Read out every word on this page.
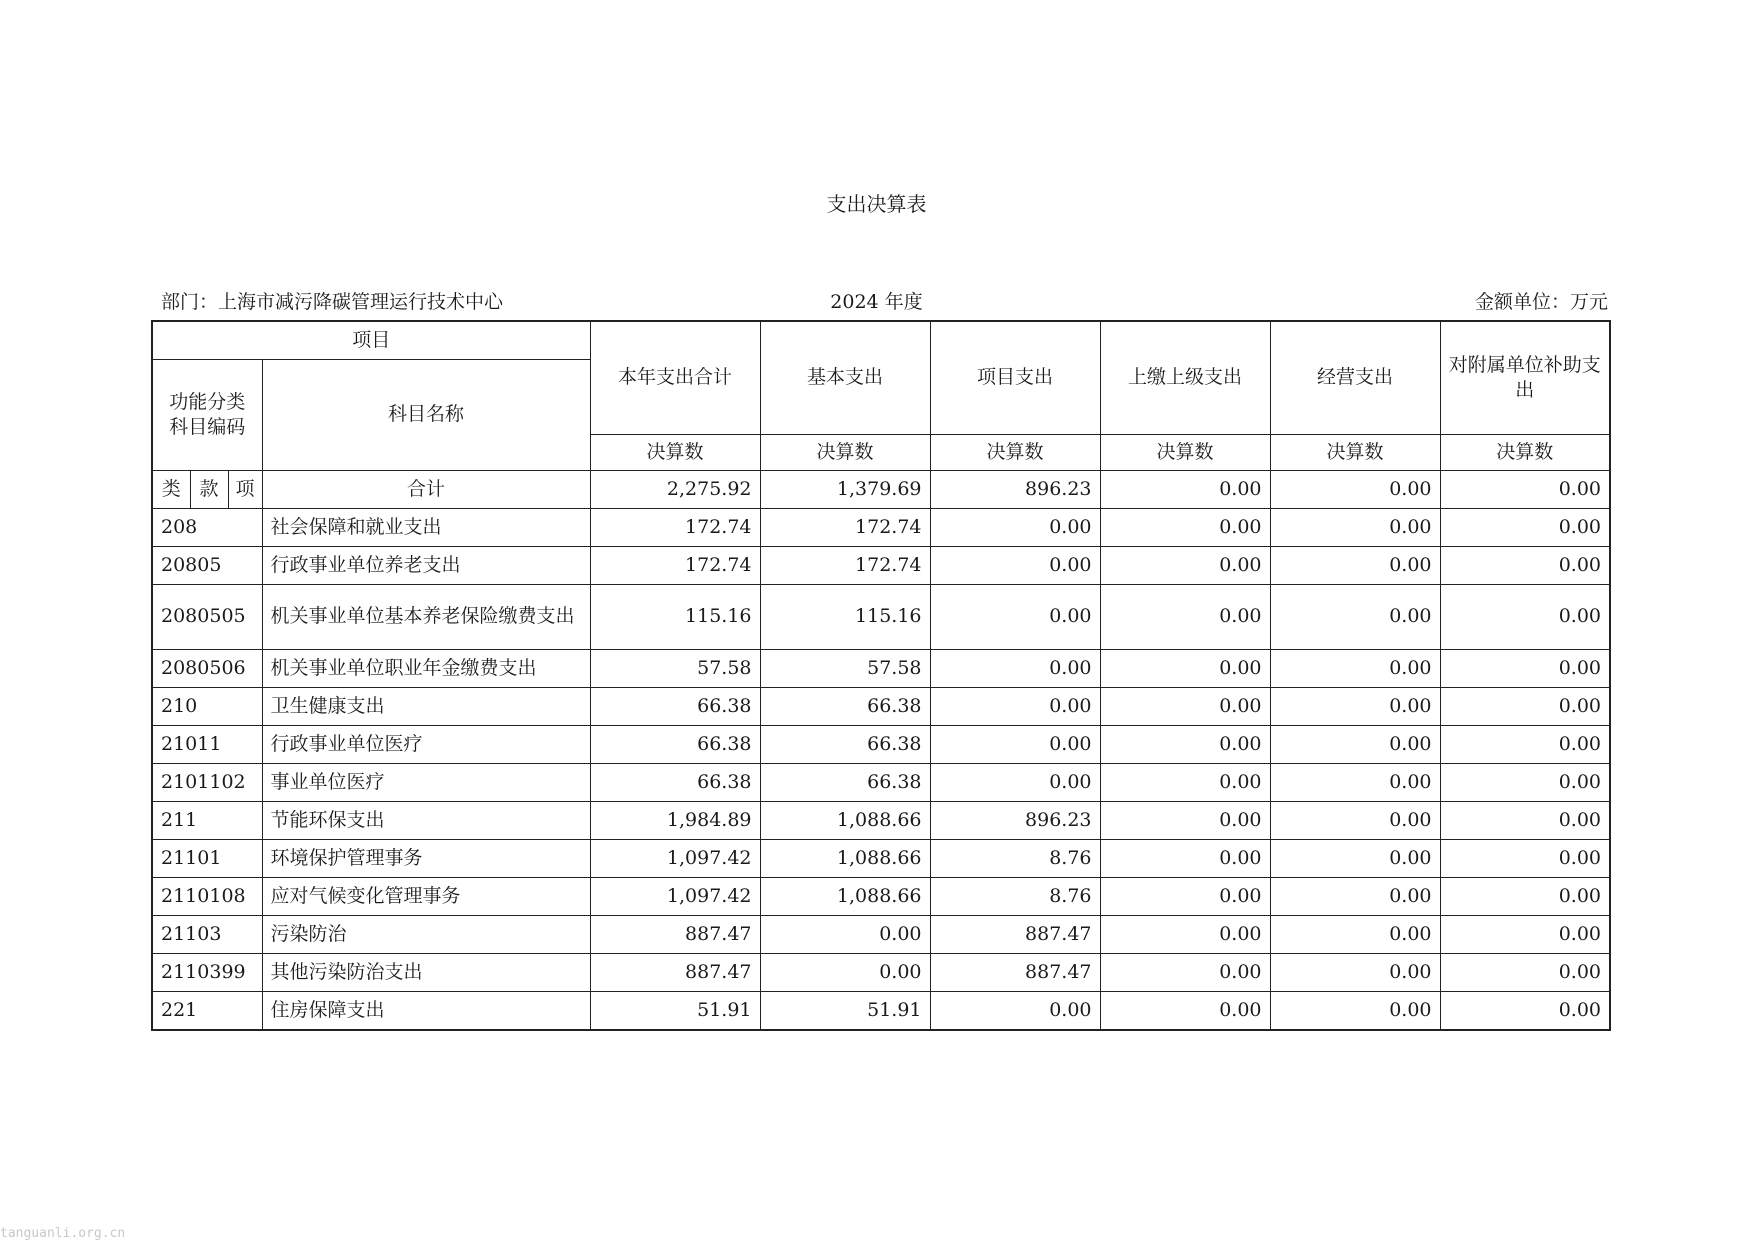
支出决算表
部门：上海市减污降碳管理运行技术中心	2024 年度	金额单位：万元
项目				本年支出合计	基本支出	项目支出	上缴上级支出	经营支出	对附属单位补助支出
功能分类科目编码			科目名称						
				决算数	决算数	决算数	决算数	决算数	决算数
类	款	项	合计	2,275.92	1,379.69	896.23	0.00	0.00	0.00
208			社会保障和就业支出	172.74	172.74	0.00	0.00	0.00	0.00
20805			行政事业单位养老支出	172.74	172.74	0.00	0.00	0.00	0.00
2080505			机关事业单位基本养老保险缴费支出	115.16	115.16	0.00	0.00	0.00	0.00
2080506			机关事业单位职业年金缴费支出	57.58	57.58	0.00	0.00	0.00	0.00
210			卫生健康支出	66.38	66.38	0.00	0.00	0.00	0.00
21011			行政事业单位医疗	66.38	66.38	0.00	0.00	0.00	0.00
2101102			事业单位医疗	66.38	66.38	0.00	0.00	0.00	0.00
211			节能环保支出	1,984.89	1,088.66	896.23	0.00	0.00	0.00
21101			环境保护管理事务	1,097.42	1,088.66	8.76	0.00	0.00	0.00
2110108			应对气候变化管理事务	1,097.42	1,088.66	8.76	0.00	0.00	0.00
21103			污染防治	887.47	0.00	887.47	0.00	0.00	0.00
2110399			其他污染防治支出	887.47	0.00	887.47	0.00	0.00	0.00
221			住房保障支出	51.91	51.91	0.00	0.00	0.00	0.00
tanguanli.org.cn
